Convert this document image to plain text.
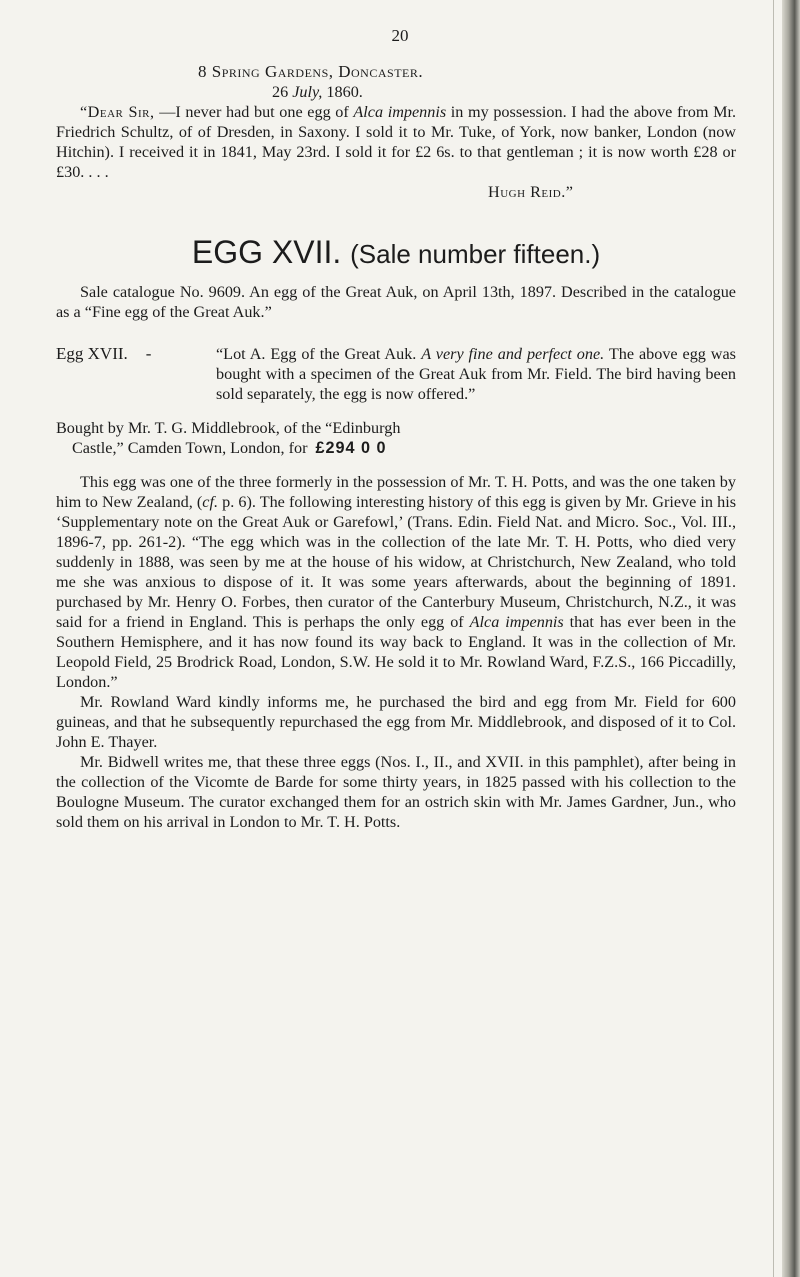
20

8 Spring Gardens, Doncaster.

26 July, 1860.

“Dear Sir, —I never had but one egg of Alca impennis in my possession. I had the above from Mr. Friedrich Schultz, of of Dresden, in Saxony. I sold it to Mr. Tuke, of York, now banker, London (now Hitchin). I received it in 1841, May 23rd. I sold it for £2 6s. to that gentleman ; it is now worth £28 or £30. . . .

Hugh Reid.”

EGG XVII. (Sale number fifteen.)

Sale catalogue No. 9609. An egg of the Great Auk, on April 13th, 1897. Described in the catalogue as a “Fine egg of the Great Auk.”

Egg XVII. -	“Lot A. Egg of the Great Auk. A very fine and perfect one. The above egg was bought with a specimen of the Great Auk from Mr. Field. The bird having been sold separately, the egg is now offered.”

Bought by Mr. T. G. Middlebrook, of the “Edinburgh
Castle,” Camden Town, London, for £294 0 0

This egg was one of the three formerly in the possession of Mr. T. H. Potts, and was the one taken by him to New Zealand, (cf. p. 6). The following interesting history of this egg is given by Mr. Grieve in his ‘Supplementary note on the Great Auk or Garefowl,’ (Trans. Edin. Field Nat. and Micro. Soc., Vol. III., 1896-7, pp. 261-2). “The egg which was in the collection of the late Mr. T. H. Potts, who died very suddenly in 1888, was seen by me at the house of his widow, at Christchurch, New Zealand, who told me she was anxious to dispose of it. It was some years afterwards, about the beginning of 1891. purchased by Mr. Henry O. Forbes, then curator of the Canterbury Museum, Christchurch, N.Z., it was said for a friend in England. This is perhaps the only egg of Alca impennis that has ever been in the Southern Hemisphere, and it has now found its way back to England. It was in the collection of Mr. Leopold Field, 25 Brodrick Road, London, S.W. He sold it to Mr. Rowland Ward, F.Z.S., 166 Piccadilly, London.”

Mr. Rowland Ward kindly informs me, he purchased the bird and egg from Mr. Field for 600 guineas, and that he subsequently repurchased the egg from Mr. Middlebrook, and disposed of it to Col. John E. Thayer.

Mr. Bidwell writes me, that these three eggs (Nos. I., II., and XVII. in this pamphlet), after being in the collection of the Vicomte de Barde for some thirty years, in 1825 passed with his collection to the Boulogne Museum. The curator exchanged them for an ostrich skin with Mr. James Gardner, Jun., who sold them on his arrival in London to Mr. T. H. Potts.
